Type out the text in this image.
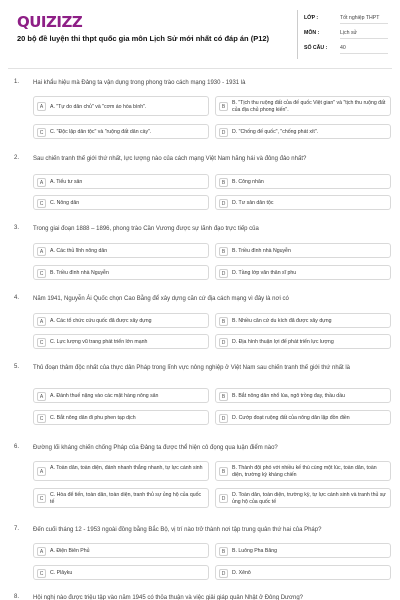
QUIZIZZ
20 bộ đề luyện thi thpt quốc gia môn Lịch Sử mới nhất có đáp án (P12)
LỚP :	Tốt nghiệp THPT
MÔN :	Lịch sử
SỐ CÂU : 40
1. Hai khẩu hiệu mà Đảng ta vận dụng trong phong trào cách mạng 1930 - 1931 là
A	A. "Tự do dân chủ" và "cơm áo hòa bình".	B
B. "Tịch thu ruộng đất của đế quốc Việt gian" và "tịch thu ruộng đất của địa chủ phong kiến".
C	C. "Độc lập dân tộc" và "ruộng đất dân cày".	D	D. "Chống đế quốc", "chống phát xít".
2. Sau chiến tranh thế giới thứ nhất, lực lượng nào của cách mạng Việt Nam hăng hái và đông đảo nhất?
A	A. Tiểu tư sản	B	B. Công nhân
C	C. Nông dân	D	D. Tư sản dân tộc
3. Trong giai đoạn 1888 – 1896, phong trào Cần Vương được sự lãnh đạo trực tiếp của
A	A. Các thủ lĩnh nông dân	B	B. Triều đình nhà Nguyễn
C	B. Triều đình nhà Nguyễn	D	D. Tầng lớp văn thân sĩ phu
4. Năm 1941, Nguyễn Ái Quốc chọn Cao Bằng để xây dựng căn cứ địa cách mạng vì đây là nơi có
A	A. Các tổ chức cứu quốc đã được xây dựng	B	B. Nhiều căn cứ du kích đã được xây dựng
C	C. Lực lượng vũ trang phát triển lớn mạnh	D	D. Địa hình thuận lợi để phát triển lực lượng
5. Thủ đoạn thâm độc nhất của thực dân Pháp trong lĩnh vực nông nghiệp ở Việt Nam sau chiến tranh thế giới thứ nhất là
A	A. Đánh thuế nặng vào các mặt hàng nông sản	B	B. Bắt nông dân nhổ lúa, ngô trồng đay, thầu dầu
C	C. Bắt nông dân đi phu phen tạp dịch	D	D. Cướp đoạt ruộng đất của nông dân lập đồn điền
6. Đường lối kháng chiến chống Pháp của Đảng ta được thể hiện cô đọng qua luận điểm nào?
A
A. Toàn dân, toàn diện, đánh nhanh thắng nhanh, tự lực cánh sinh
B
B. Thành đội phó với nhiều kế thù cùng một lúc, toàn dân, toàn diện, trường kỳ kháng chiến
C
C. Hòa để tiến, toàn dân, toàn diện, tranh thủ sự ủng hộ của quốc tế	D
D. Toàn dân, toàn diện, trường kỳ, tự lực cánh sinh và tranh thủ sự ủng hộ của quốc tế
7. Đến cuối tháng 12 - 1953 ngoài đồng bằng Bắc Bộ, vị trí nào trở thành nơi tập trung quân thứ hai của Pháp?
A	A. Điện Biên Phủ	B	B. Luông Pha Băng
C	C. Plâyku	D	D. Xênô
8. Hội nghị nào được triệu tập vào năm 1945 có thỏa thuận và việc giải giáp quân Nhật ở Đông Dương?
